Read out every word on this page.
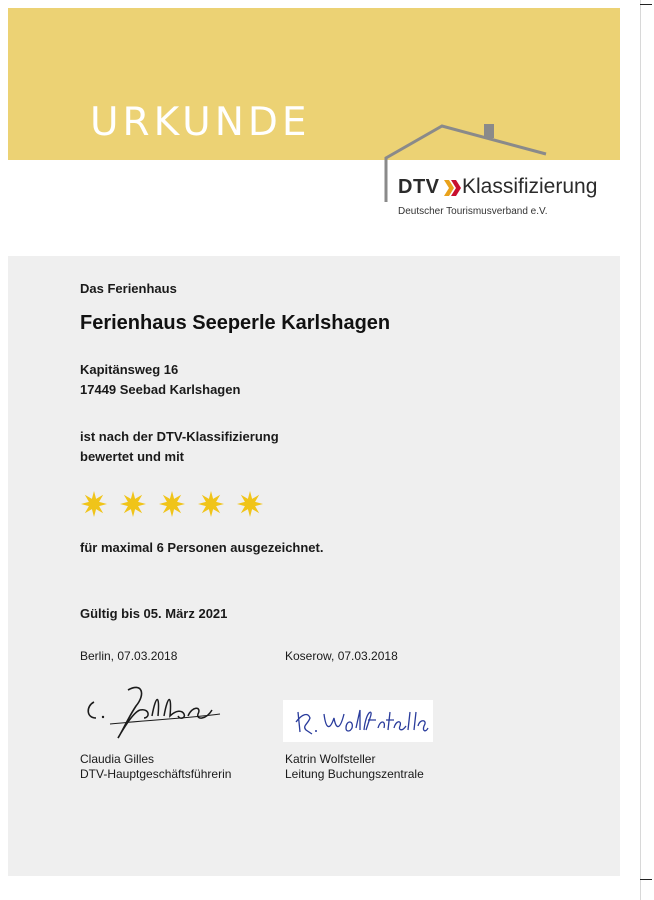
URKUNDE
DTV Klassifizierung
Deutscher Tourismusverband e.V.
Das Ferienhaus
Ferienhaus Seeperle Karlshagen
Kapitänsweg 16
17449 Seebad Karlshagen
ist nach der DTV-Klassifizierung
bewertet und mit
für maximal 6 Personen ausgezeichnet.
Gültig bis 05. März 2021
Berlin, 07.03.2018	Koserow, 07.03.2018
Claudia Gilles
DTV-Hauptgeschäftsführerin
Katrin Wolfsteller
Leitung Buchungszentrale
